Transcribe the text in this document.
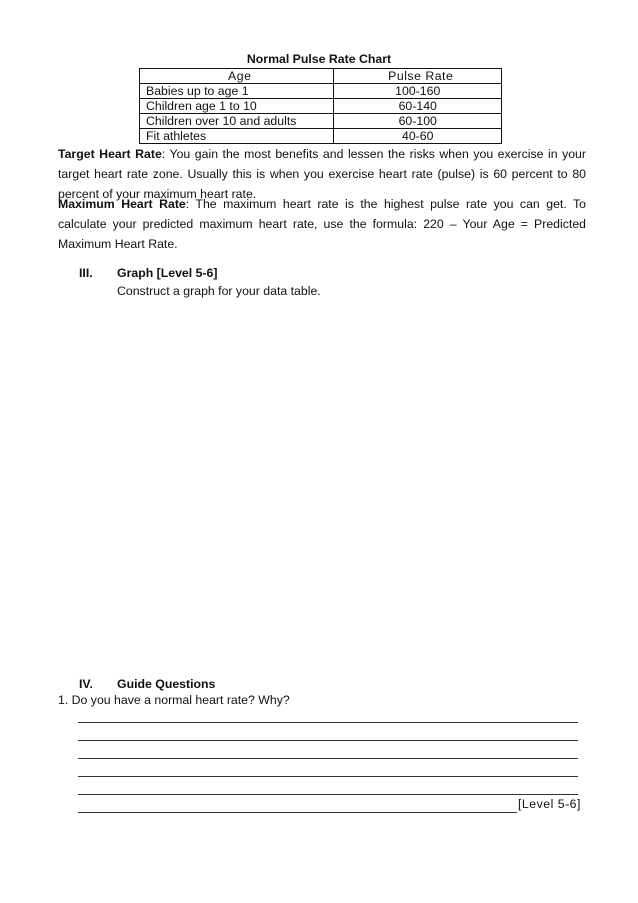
Normal Pulse Rate Chart
Age	Pulse Rate
Babies up to age 1	100-160
Children age 1 to 10	60-140
Children over 10 and adults	60-100
Fit athletes	40-60
Target Heart Rate: You gain the most benefits and lessen the risks when you exercise in your target heart rate zone. Usually this is when you exercise heart rate (pulse) is 60 percent to 80 percent of your maximum heart rate.
Maximum Heart Rate: The maximum heart rate is the highest pulse rate you can get. To calculate your predicted maximum heart rate, use the formula: 220 – Your Age = Predicted Maximum Heart Rate.
III. Graph [Level 5-6]
Construct a graph for your data table.
IV. Guide Questions
1. Do you have a normal heart rate? Why?
[Level 5-6]
